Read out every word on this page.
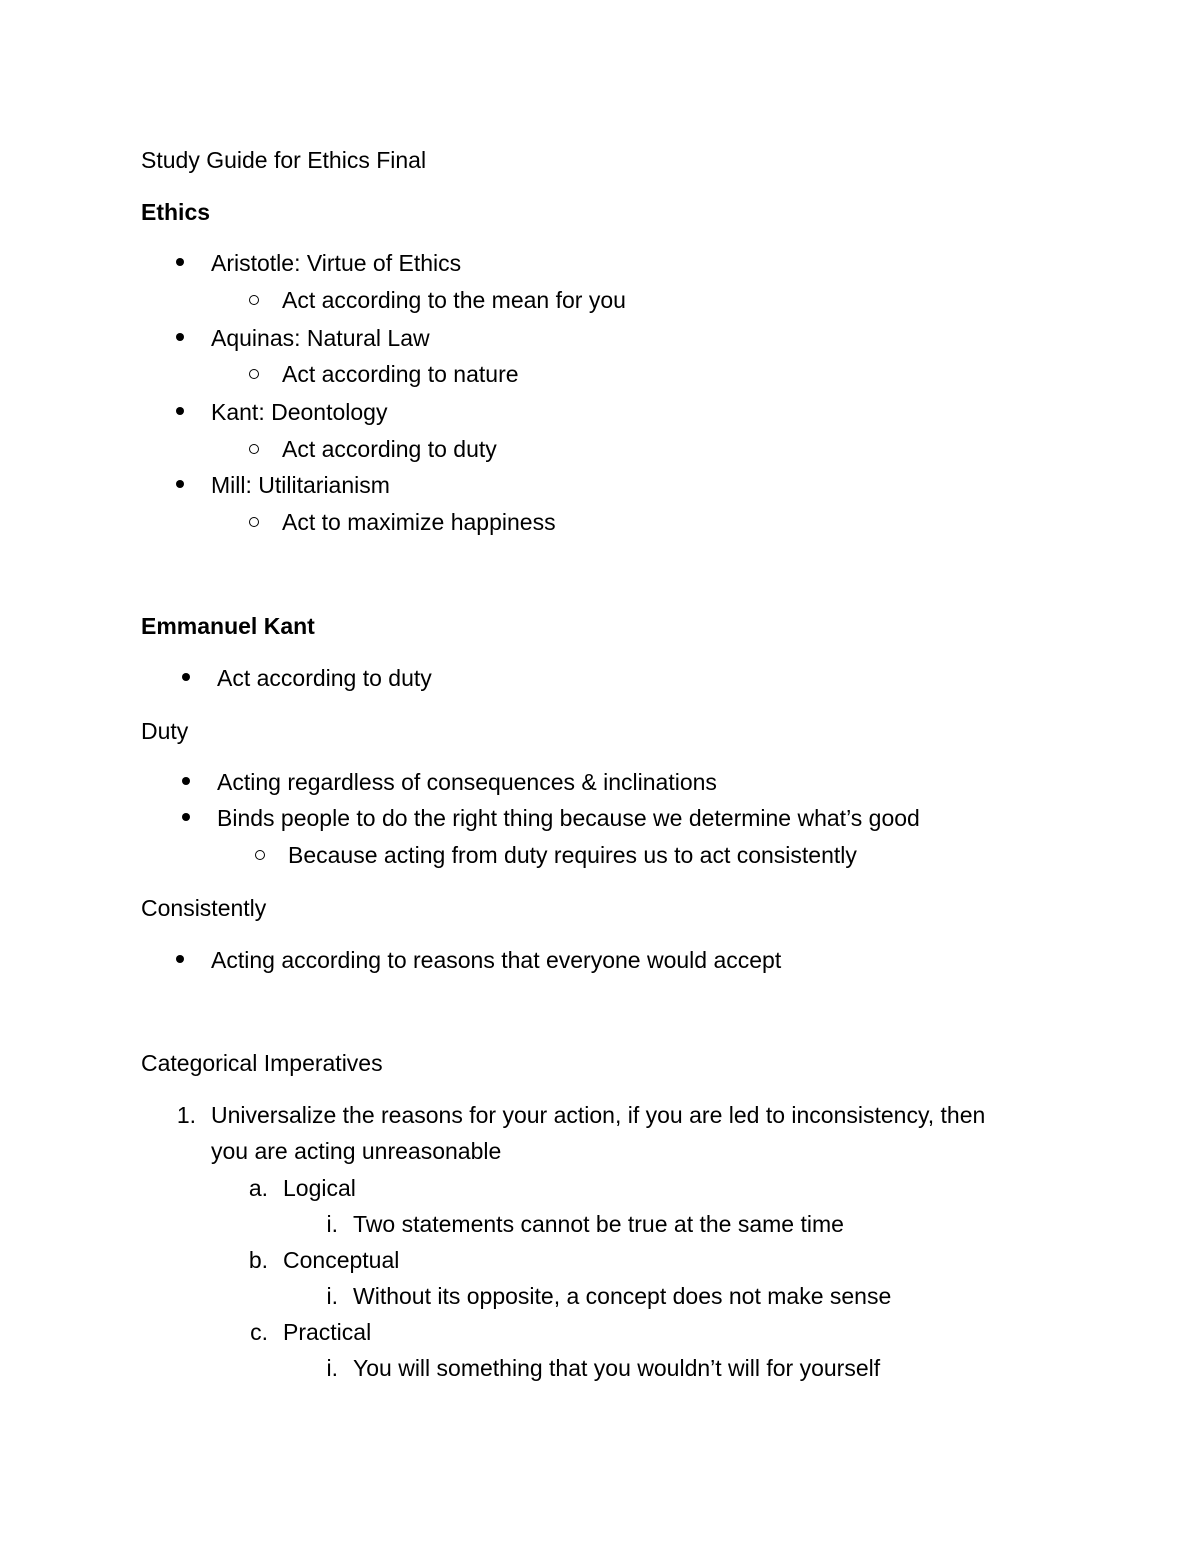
Study Guide for Ethics Final
Ethics
Aristotle: Virtue of Ethics
Act according to the mean for you
Aquinas: Natural Law
Act according to nature
Kant: Deontology
Act according to duty
Mill: Utilitarianism
Act to maximize happiness
Emmanuel Kant
Act according to duty
Duty
Acting regardless of consequences & inclinations
Binds people to do the right thing because we determine what’s good
Because acting from duty requires us to act consistently
Consistently
Acting according to reasons that everyone would accept
Categorical Imperatives
1. Universalize the reasons for your action, if you are led to inconsistency, then
you are acting unreasonable
a. Logical
i. Two statements cannot be true at the same time
b. Conceptual
i. Without its opposite, a concept does not make sense
c. Practical
i. You will something that you wouldn’t will for yourself
